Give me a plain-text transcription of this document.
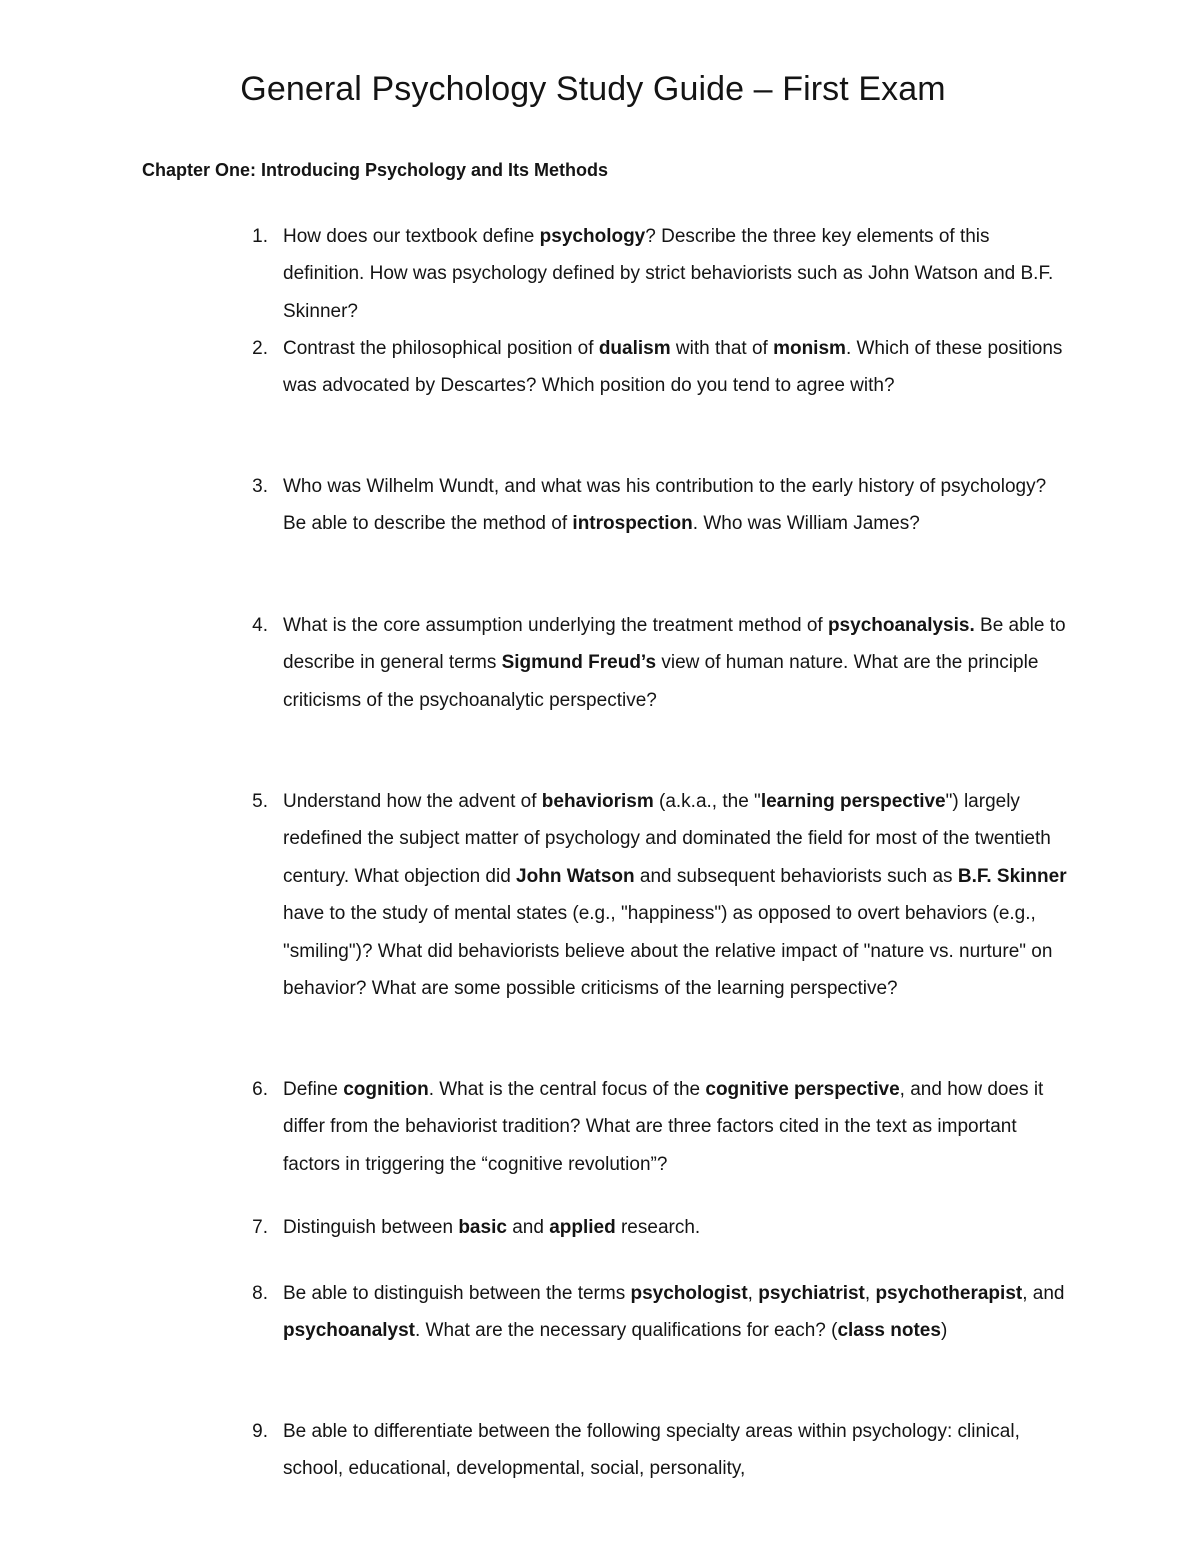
General Psychology Study Guide – First Exam
Chapter One: Introducing Psychology and Its Methods
1. How does our textbook define psychology? Describe the three key elements of this definition. How was psychology defined by strict behaviorists such as John Watson and B.F. Skinner?
2. Contrast the philosophical position of dualism with that of monism. Which of these positions was advocated by Descartes? Which position do you tend to agree with?
3. Who was Wilhelm Wundt, and what was his contribution to the early history of psychology? Be able to describe the method of introspection. Who was William James?
4. What is the core assumption underlying the treatment method of psychoanalysis. Be able to describe in general terms Sigmund Freud’s view of human nature. What are the principle criticisms of the psychoanalytic perspective?
5. Understand how the advent of behaviorism (a.k.a., the "learning perspective") largely redefined the subject matter of psychology and dominated the field for most of the twentieth century. What objection did John Watson and subsequent behaviorists such as B.F. Skinner have to the study of mental states (e.g., "happiness") as opposed to overt behaviors (e.g., "smiling")? What did behaviorists believe about the relative impact of "nature vs. nurture" on behavior? What are some possible criticisms of the learning perspective?
6. Define cognition. What is the central focus of the cognitive perspective, and how does it differ from the behaviorist tradition? What are three factors cited in the text as important factors in triggering the “cognitive revolution”?
7. Distinguish between basic and applied research.
8. Be able to distinguish between the terms psychologist, psychiatrist, psychotherapist, and psychoanalyst. What are the necessary qualifications for each? (class notes)
9. Be able to differentiate between the following specialty areas within psychology: clinical, school, educational, developmental, social, personality,
